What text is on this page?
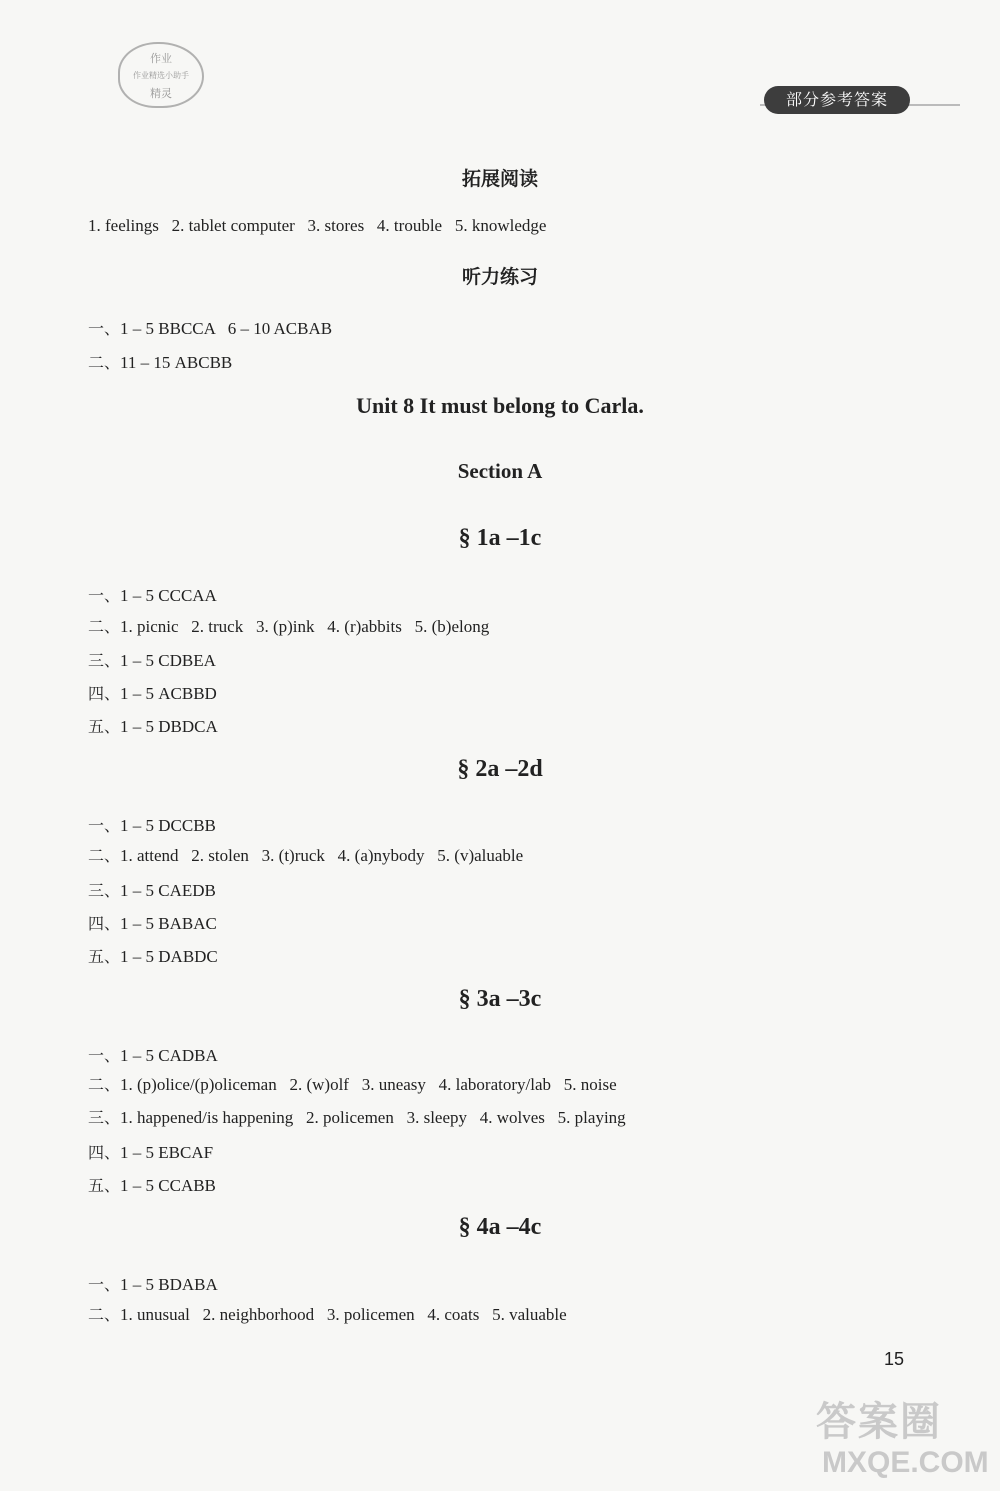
作业
作业精选小助手
精灵	部分参考答案
拓展阅读
1. feelings   2. tablet computer   3. stores   4. trouble   5. knowledge
听力练习
一、1 – 5 BBCCA   6 – 10 ACBAB
二、11 – 15 ABCBB
Unit 8 It must belong to Carla.
Section A
§ 1a –1c
一、1 – 5 CCCAA
二、1. picnic   2. truck   3. (p)ink   4. (r)abbits   5. (b)elong
三、1 – 5 CDBEA
四、1 – 5 ACBBD
五、1 – 5 DBDCA
§ 2a –2d
一、1 – 5 DCCBB
二、1. attend   2. stolen   3. (t)ruck   4. (a)nybody   5. (v)aluable
三、1 – 5 CAEDB
四、1 – 5 BABAC
五、1 – 5 DABDC
§ 3a –3c
一、1 – 5 CADBA
二、1. (p)olice/(p)oliceman   2. (w)olf   3. uneasy   4. laboratory/lab   5. noise
三、1. happened/is happening   2. policemen   3. sleepy   4. wolves   5. playing
四、1 – 5 EBCAF
五、1 – 5 CCABB
§ 4a –4c
一、1 – 5 BDABA
二、1. unusual   2. neighborhood   3. policemen   4. coats   5. valuable
15
答案圈
MXQE.COM
